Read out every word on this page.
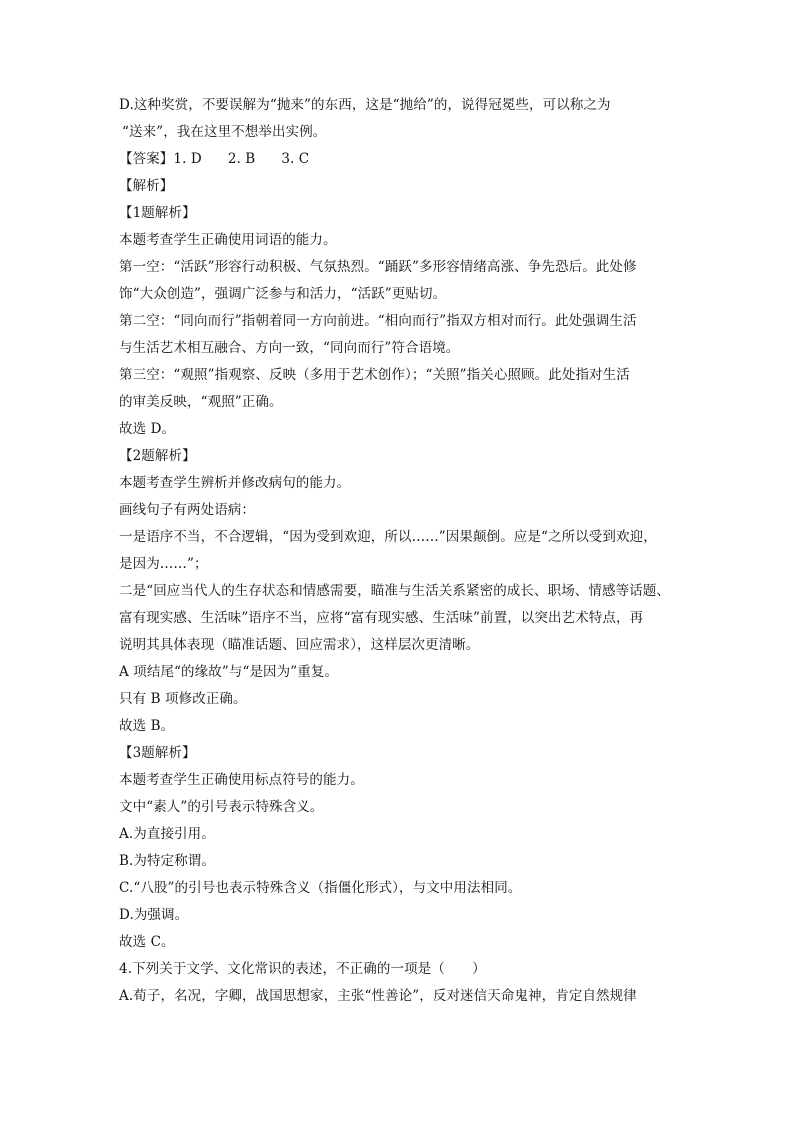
D.这种奖赏，不要误解为“抛来”的东西，这是“抛给”的，说得冠冕些，可以称之为
“送来”，我在这里不想举出实例。
【答案】1. D 2. B 3. C
【解析】
【1题解析】
本题考查学生正确使用词语的能力。
第一空：“活跃”形容行动积极、气氛热烈。“踊跃”多形容情绪高涨、争先恐后。此处修
饰“大众创造”，强调广泛参与和活力，“活跃”更贴切。
第二空：“同向而行”指朝着同一方向前进。“相向而行”指双方相对而行。此处强调生活
与生活艺术相互融合、方向一致，“同向而行”符合语境。
第三空：“观照”指观察、反映（多用于艺术创作）；“关照”指关心照顾。此处指对生活
的审美反映，“观照”正确。
故选 D。
【2题解析】
本题考查学生辨析并修改病句的能力。
画线句子有两处语病：
一是语序不当，不合逻辑，“因为受到欢迎，所以……”因果颠倒。应是“之所以受到欢迎，
是因为……”；
二是“回应当代人的生存状态和情感需要，瞄准与生活关系紧密的成长、职场、情感等话题、
富有现实感、生活味”语序不当，应将“富有现实感、生活味”前置，以突出艺术特点，再
说明其具体表现（瞄准话题、回应需求），这样层次更清晰。
A 项结尾“的缘故”与“是因为”重复。
只有 B 项修改正确。
故选 B。
【3题解析】
本题考查学生正确使用标点符号的能力。
文中“素人”的引号表示特殊含义。
A.为直接引用。
B.为特定称谓。
C.“八股”的引号也表示特殊含义（指僵化形式），与文中用法相同。
D.为强调。
故选 C。
4.下列关于文学、文化常识的表述，不正确的一项是（　　）
A.荀子，名况，字卿，战国思想家，主张“性善论”，反对迷信天命鬼神，肯定自然规律
